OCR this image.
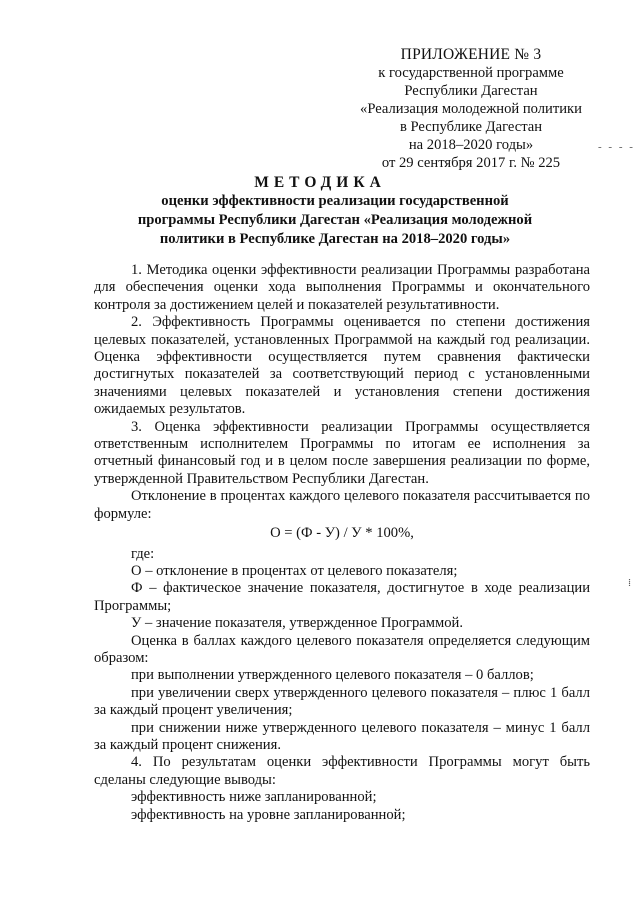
ПРИЛОЖЕНИЕ № 3
к государственной программе
Республики Дагестан
«Реализация молодежной политики
в Республике Дагестан
на 2018–2020 годы»
от 29 сентября 2017 г. № 225
МЕТОДИКА
оценки эффективности реализации государственной
программы Республики Дагестан «Реализация молодежной
политики в Республике Дагестан на 2018–2020 годы»

1. Методика оценки эффективности реализации Программы разработана для обеспечения оценки хода выполнения Программы и окончательного контроля за достижением целей и показателей результативности.

2. Эффективность Программы оценивается по степени достижения целевых показателей, установленных Программой на каждый год реализации. Оценка эффективности осуществляется путем сравнения фактически достигнутых показателей за соответствующий период с установленными значениями целевых показателей и установления степени достижения ожидаемых результатов.

3. Оценка эффективности реализации Программы осуществляется ответственным исполнителем Программы по итогам ее исполнения за отчетный финансовый год и в целом после завершения реализации по форме, утвержденной Правительством Республики Дагестан.

Отклонение в процентах каждого целевого показателя рассчитывается по формуле:

О = (Ф - У) / У * 100%,

где:

О – отклонение в процентах от целевого показателя;

Ф – фактическое значение показателя, достигнутое в ходе реализации Программы;

У – значение показателя, утвержденное Программой.

Оценка в баллах каждого целевого показателя определяется следующим образом:

при выполнении утвержденного целевого показателя – 0 баллов;

при увеличении сверх утвержденного целевого показателя – плюс 1 балл за каждый процент увеличения;

при снижении ниже утвержденного целевого показателя – минус 1 балл за каждый процент снижения.

4. По результатам оценки эффективности Программы могут быть сделаны следующие выводы:

эффективность ниже запланированной;

эффективность на уровне запланированной;

- - - -
⁞
